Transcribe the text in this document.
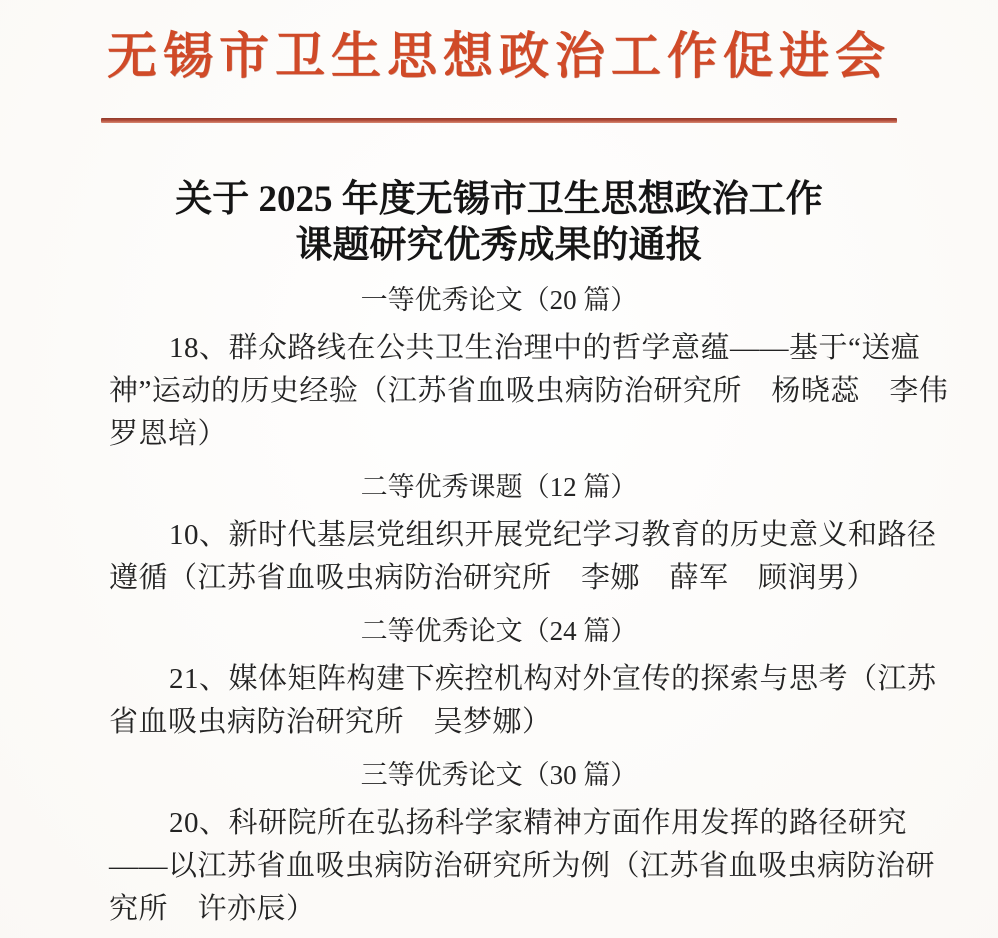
无锡市卫生思想政治工作促进会
关于 2025 年度无锡市卫生思想政治工作
课题研究优秀成果的通报
一等优秀论文（20 篇）

18、群众路线在公共卫生治理中的哲学意蕴——基于“送瘟
神”运动的历史经验（江苏省血吸虫病防治研究所　杨晓蕊　李伟
罗恩培）

二等优秀课题（12 篇）

10、新时代基层党组织开展党纪学习教育的历史意义和路径
遵循（江苏省血吸虫病防治研究所　李娜　薛军　顾润男）

二等优秀论文（24 篇）

21、媒体矩阵构建下疾控机构对外宣传的探索与思考（江苏
省血吸虫病防治研究所　吴梦娜）

三等优秀论文（30 篇）

20、科研院所在弘扬科学家精神方面作用发挥的路径研究
——以江苏省血吸虫病防治研究所为例（江苏省血吸虫病防治研
究所　许亦辰）
